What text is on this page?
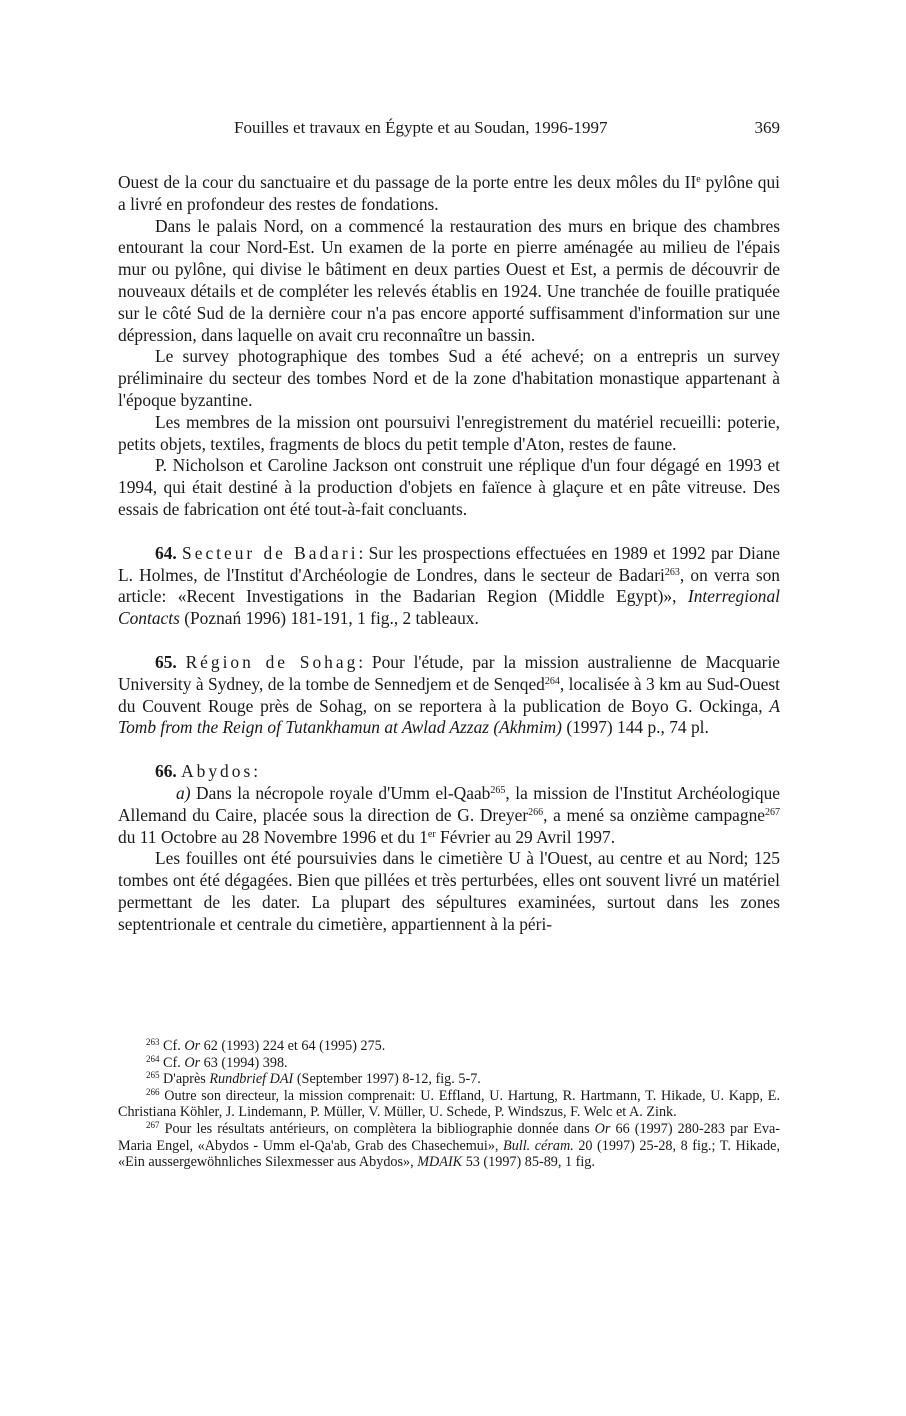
Fouilles et travaux en Égypte et au Soudan, 1996-1997	369

Ouest de la cour du sanctuaire et du passage de la porte entre les deux môles du IIe pylône qui a livré en profondeur des restes de fondations.

Dans le palais Nord, on a commencé la restauration des murs en brique des chambres entourant la cour Nord-Est. Un examen de la porte en pierre aménagée au milieu de l'épais mur ou pylône, qui divise le bâtiment en deux parties Ouest et Est, a permis de découvrir de nouveaux détails et de compléter les relevés établis en 1924. Une tranchée de fouille pratiquée sur le côté Sud de la dernière cour n'a pas encore apporté suffisamment d'information sur une dépression, dans laquelle on avait cru reconnaître un bassin.

Le survey photographique des tombes Sud a été achevé; on a entrepris un survey préliminaire du secteur des tombes Nord et de la zone d'habitation monastique appartenant à l'époque byzantine.

Les membres de la mission ont poursuivi l'enregistrement du matériel recueilli: poterie, petits objets, textiles, fragments de blocs du petit temple d'Aton, restes de faune.

P. Nicholson et Caroline Jackson ont construit une réplique d'un four dégagé en 1993 et 1994, qui était destiné à la production d'objets en faïence à glaçure et en pâte vitreuse. Des essais de fabrication ont été tout-à-fait concluants.

64. Secteur de Badari: Sur les prospections effectuées en 1989 et 1992 par Diane L. Holmes, de l'Institut d'Archéologie de Londres, dans le secteur de Badari$^{263}$, on verra son article: «Recent Investigations in the Badarian Region (Middle Egypt)», Interregional Contacts (Poznań 1996) 181-191, 1 fig., 2 tableaux.

65. Région de Sohag: Pour l'étude, par la mission australienne de Macquarie University à Sydney, de la tombe de Sennedjem et de Senqed$^{264}$, localisée à 3 km au Sud-Ouest du Couvent Rouge près de Sohag, on se reportera à la publication de Boyo G. Ockinga, A Tomb from the Reign of Tutankhamun at Awlad Azzaz (Akhmim) (1997) 144 p., 74 pl.

66. Abydos:

a) Dans la nécropole royale d'Umm el-Qaab$^{265}$, la mission de l'Institut Archéologique Allemand du Caire, placée sous la direction de G. Dreyer$^{266}$, a mené sa onzième campagne$^{267}$ du 11 Octobre au 28 Novembre 1996 et du 1er Février au 29 Avril 1997.

Les fouilles ont été poursuivies dans le cimetière U à l'Ouest, au centre et au Nord; 125 tombes ont été dégagées. Bien que pillées et très perturbées, elles ont souvent livré un matériel permettant de les dater. La plupart des sépultures examinées, surtout dans les zones septentrionale et centrale du cimetière, appartiennent à la péri-

$^{263}$ Cf. Or 62 (1993) 224 et 64 (1995) 275.

$^{264}$ Cf. Or 63 (1994) 398.

$^{265}$ D'après Rundbrief DAI (September 1997) 8-12, fig. 5-7.

$^{266}$ Outre son directeur, la mission comprenait: U. Effland, U. Hartung, R. Hartmann, T. Hikade, U. Kapp, E. Christiana Köhler, J. Lindemann, P. Müller, V. Müller, U. Schede, P. Windszus, F. Welc et A. Zink.

$^{267}$ Pour les résultats antérieurs, on complètera la bibliographie donnée dans Or 66 (1997) 280-283 par Eva-Maria Engel, «Abydos - Umm el-Qa'ab, Grab des Chasechemui», Bull. céram. 20 (1997) 25-28, 8 fig.; T. Hikade, «Ein aussergewöhnliches Silexmesser aus Abydos», MDAIK 53 (1997) 85-89, 1 fig.
